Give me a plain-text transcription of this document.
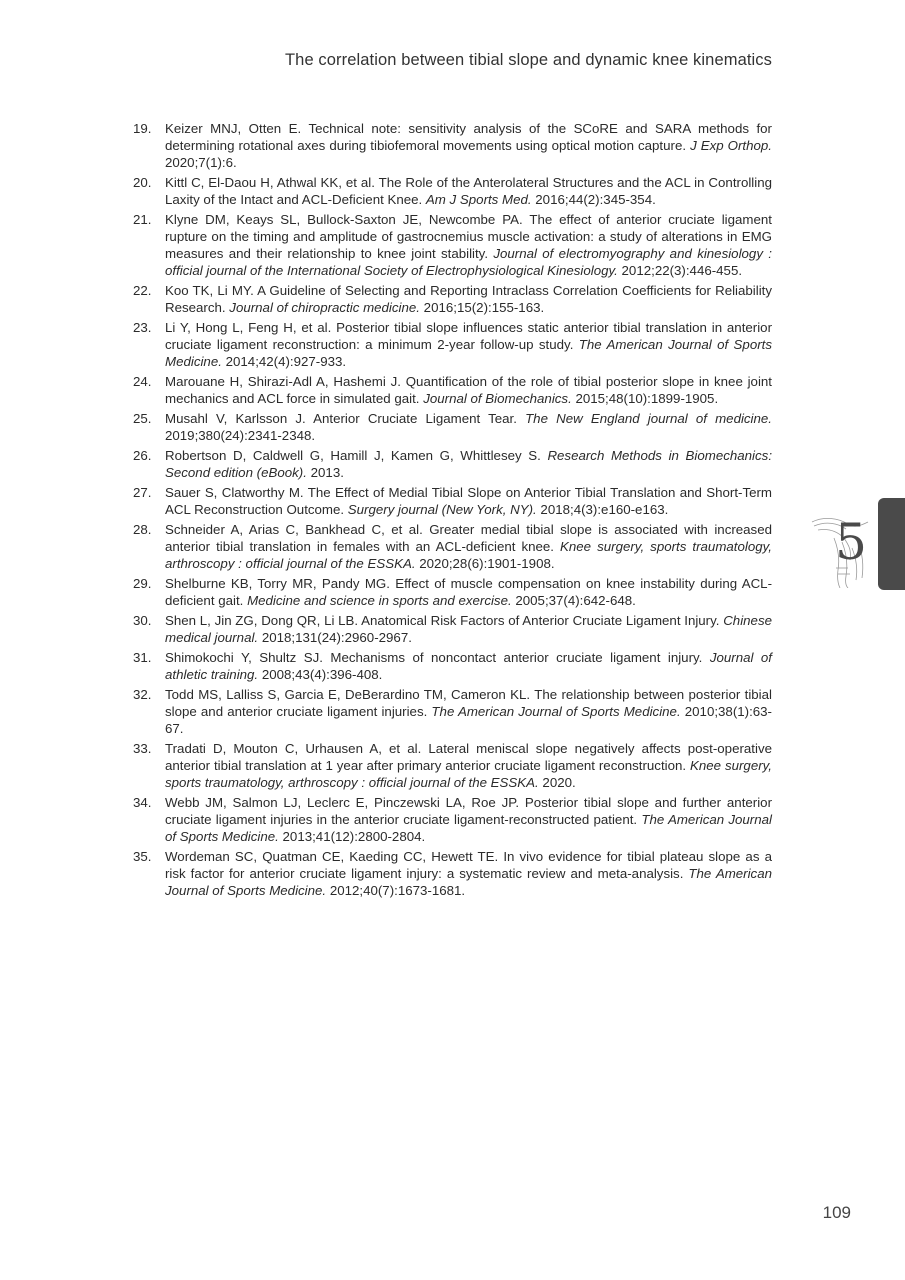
The correlation between tibial slope and dynamic knee kinematics
19.	Keizer MNJ, Otten E. Technical note: sensitivity analysis of the SCoRE and SARA methods for determining rotational axes during tibiofemoral movements using optical motion capture. J Exp Orthop. 2020;7(1):6.
20.	Kittl C, El-Daou H, Athwal KK, et al. The Role of the Anterolateral Structures and the ACL in Controlling Laxity of the Intact and ACL-Deficient Knee. Am J Sports Med. 2016;44(2):345-354.
21.	Klyne DM, Keays SL, Bullock-Saxton JE, Newcombe PA. The effect of anterior cruciate ligament rupture on the timing and amplitude of gastrocnemius muscle activation: a study of alterations in EMG measures and their relationship to knee joint stability. Journal of electromyography and kinesiology : official journal of the International Society of Electrophysiological Kinesiology. 2012;22(3):446-455.
22.	Koo TK, Li MY. A Guideline of Selecting and Reporting Intraclass Correlation Coefficients for Reliability Research. Journal of chiropractic medicine. 2016;15(2):155-163.
23.	Li Y, Hong L, Feng H, et al. Posterior tibial slope influences static anterior tibial translation in anterior cruciate ligament reconstruction: a minimum 2-year follow-up study. The American Journal of Sports Medicine. 2014;42(4):927-933.
24.	Marouane H, Shirazi-Adl A, Hashemi J. Quantification of the role of tibial posterior slope in knee joint mechanics and ACL force in simulated gait. Journal of Biomechanics. 2015;48(10):1899-1905.
25.	Musahl V, Karlsson J. Anterior Cruciate Ligament Tear. The New England journal of medicine. 2019;380(24):2341-2348.
26.	Robertson D, Caldwell G, Hamill J, Kamen G, Whittlesey S. Research Methods in Biomechanics: Second edition (eBook). 2013.
27.	Sauer S, Clatworthy M. The Effect of Medial Tibial Slope on Anterior Tibial Translation and Short-Term ACL Reconstruction Outcome. Surgery journal (New York, NY). 2018;4(3):e160-e163.
28.	Schneider A, Arias C, Bankhead C, et al. Greater medial tibial slope is associated with increased anterior tibial translation in females with an ACL-deficient knee. Knee surgery, sports traumatology, arthroscopy : official journal of the ESSKA. 2020;28(6):1901-1908.
29.	Shelburne KB, Torry MR, Pandy MG. Effect of muscle compensation on knee instability during ACL-deficient gait. Medicine and science in sports and exercise. 2005;37(4):642-648.
30.	Shen L, Jin ZG, Dong QR, Li LB. Anatomical Risk Factors of Anterior Cruciate Ligament Injury. Chinese medical journal. 2018;131(24):2960-2967.
31.	Shimokochi Y, Shultz SJ. Mechanisms of noncontact anterior cruciate ligament injury. Journal of athletic training. 2008;43(4):396-408.
32.	Todd MS, Lalliss S, Garcia E, DeBerardino TM, Cameron KL. The relationship between posterior tibial slope and anterior cruciate ligament injuries. The American Journal of Sports Medicine. 2010;38(1):63-67.
33.	Tradati D, Mouton C, Urhausen A, et al. Lateral meniscal slope negatively affects post-operative anterior tibial translation at 1 year after primary anterior cruciate ligament reconstruction. Knee surgery, sports traumatology, arthroscopy : official journal of the ESSKA. 2020.
34.	Webb JM, Salmon LJ, Leclerc E, Pinczewski LA, Roe JP. Posterior tibial slope and further anterior cruciate ligament injuries in the anterior cruciate ligament-reconstructed patient. The American Journal of Sports Medicine. 2013;41(12):2800-2804.
35.	Wordeman SC, Quatman CE, Kaeding CC, Hewett TE. In vivo evidence for tibial plateau slope as a risk factor for anterior cruciate ligament injury: a systematic review and meta-analysis. The American Journal of Sports Medicine. 2012;40(7):1673-1681.
5
109
